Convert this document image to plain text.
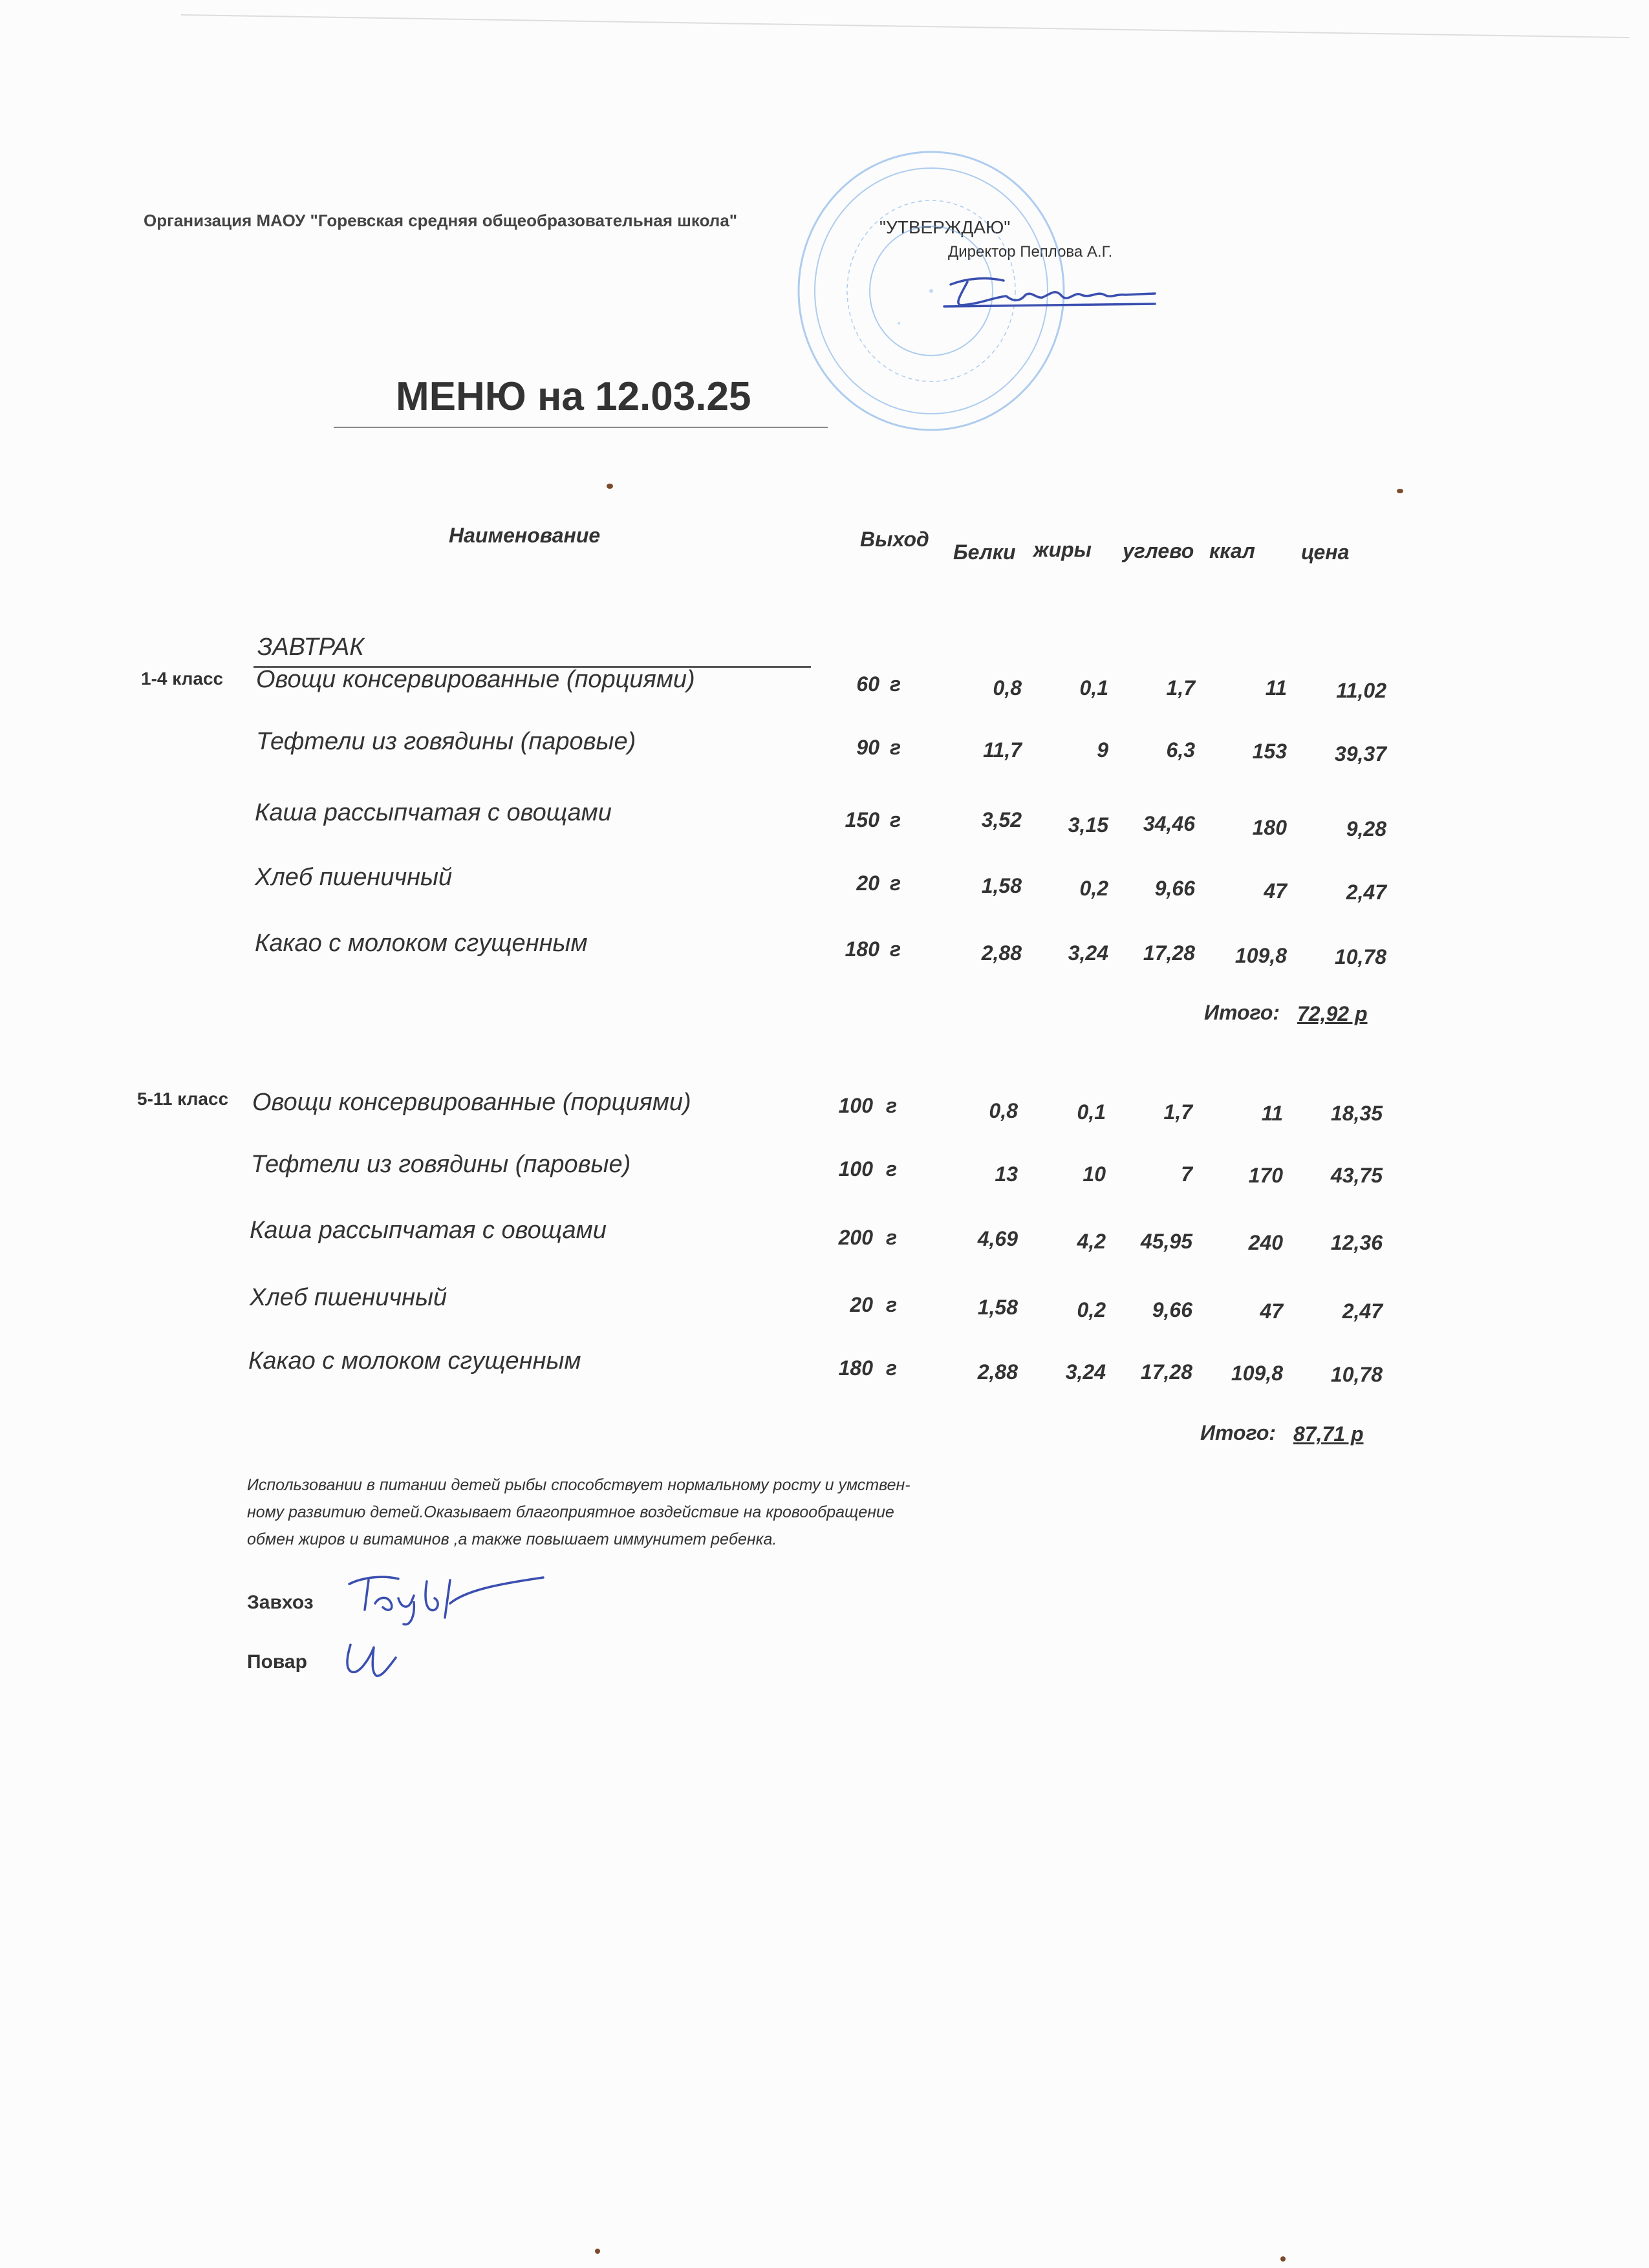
Организация МАОУ "Горевская средняя общеобразовательная школа"	"УТВЕРЖДАЮ"
Директор Пеплова А.Г.
МЕНЮ на 12.03.25
Наименование	Выход
Белки жиры углево ккал цена
ЗАВТРАК
1-4 класс	Овощи консервированные (порциями)	60 г	0,8	0,1	1,7	11	11,02
Тефтели из говядины (паровые)	90 г	11,7	9	6,3	153	39,37
Каша рассыпчатая с овощами	150 г	3,52	3,15	34,46	180	9,28
Хлеб пшеничный	20 г	1,58	0,2	9,66	47	2,47
Какао с молоком сгущенным	180 г	2,88	3,24	17,28	109,8	10,78
Итого: 72,92 р
5-11 класс Овощи консервированные (порциями)	100 г	0,8	0,1	1,7	11	18,35
Тефтели из говядины (паровые)	100 г	13	10	7	170	43,75
Каша рассыпчатая с овощами	200 г	4,69	4,2	45,95	240	12,36
Хлеб пшеничный	20 г	1,58	0,2	9,66	47	2,47
Какао с молоком сгущенным	180 г	2,88	3,24	17,28	109,8	10,78
Итого: 87,71 р
Использовании в питании детей рыбы способствует нормальному росту и умствен-
ному развитию детей.Оказывает благоприятное воздействие на кровообращение
обмен жиров и витаминов ,а также повышает иммунитет ребенка.
Завхоз
Повар
